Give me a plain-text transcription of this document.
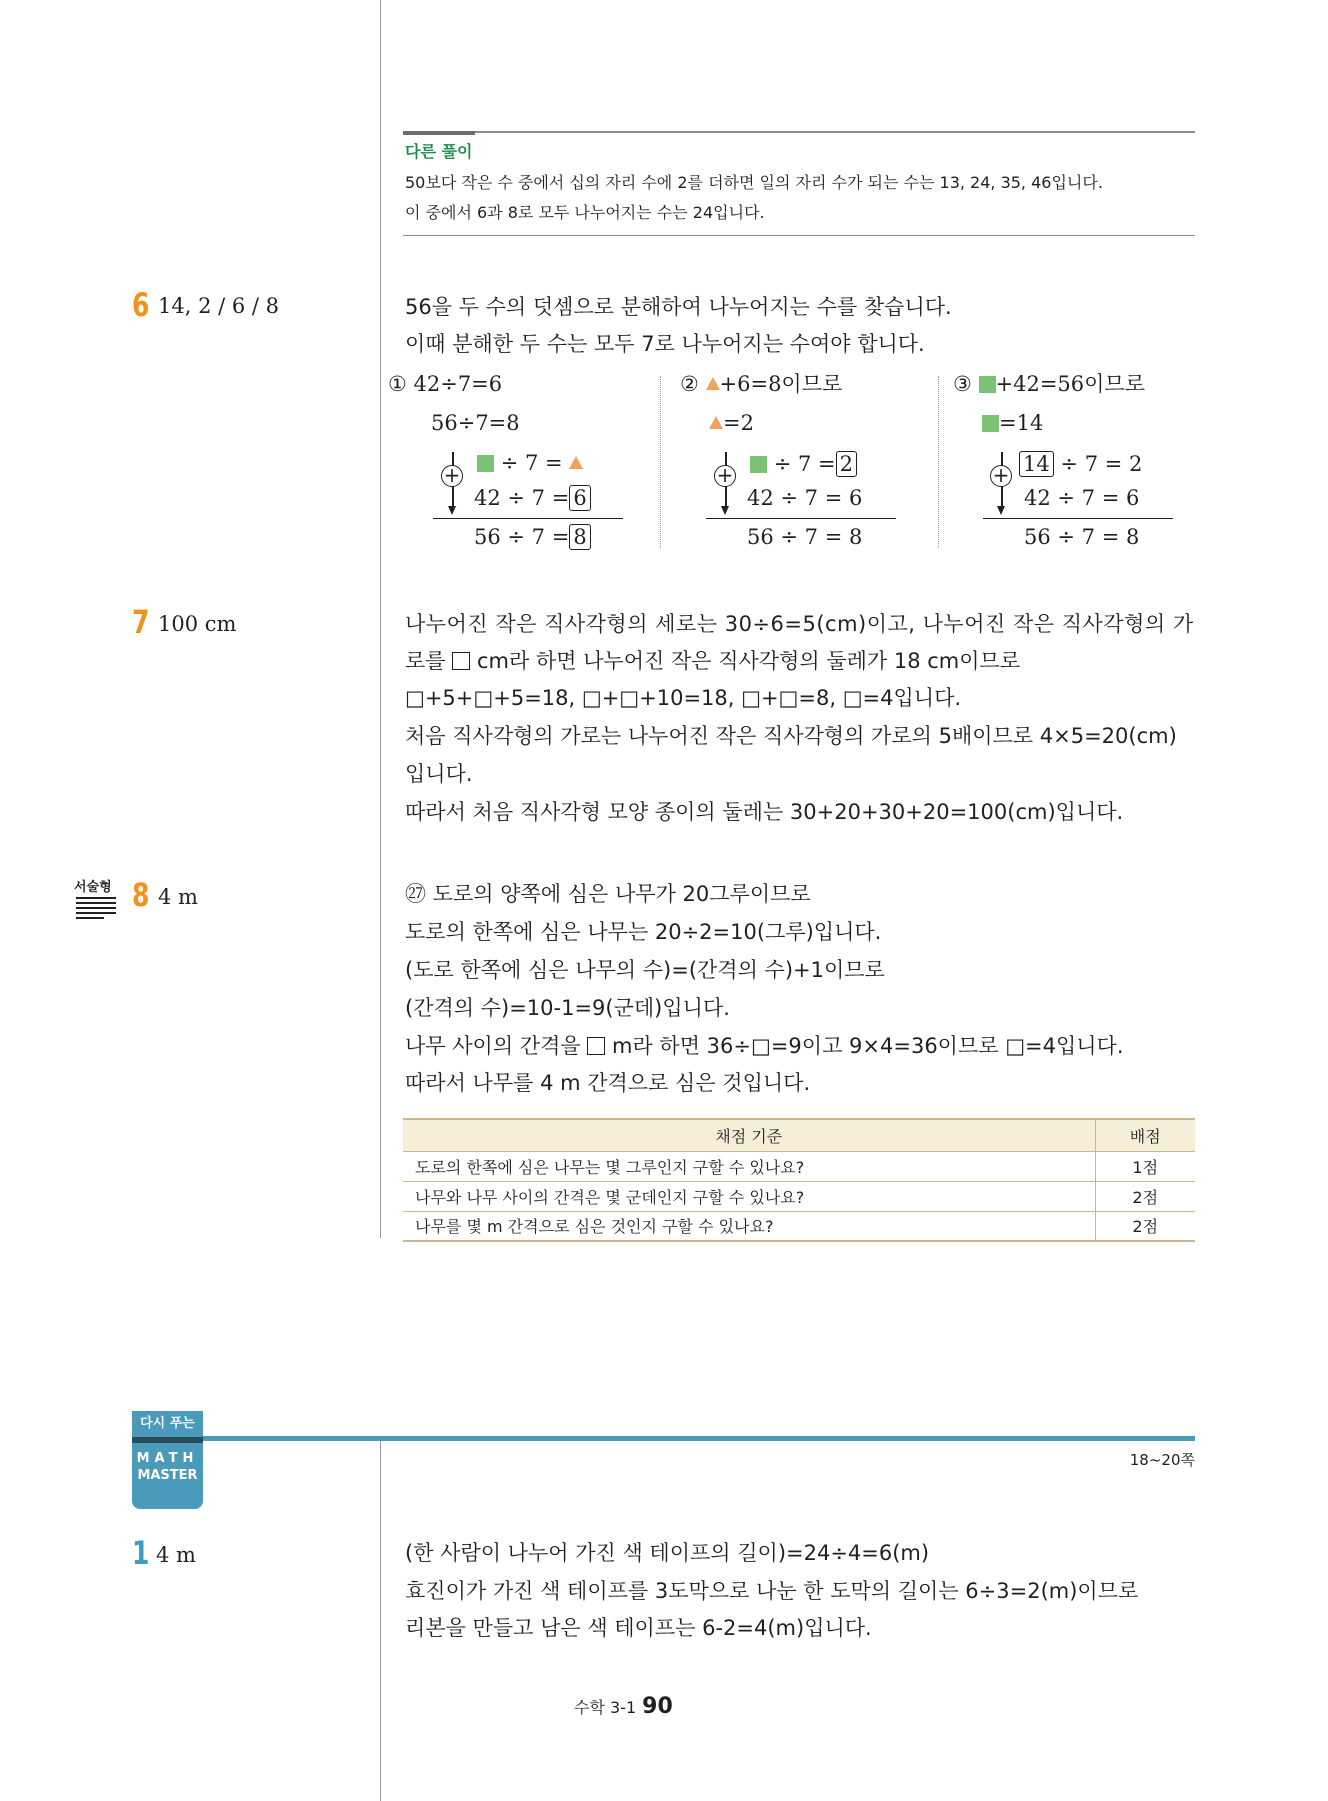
다른 풀이
50보다 작은 수 중에서 십의 자리 수에 2를 더하면 일의 자리 수가 되는 수는 13, 24, 35, 46입니다.
이 중에서 6과 8로 모두 나누어지는 수는 24입니다.
6 14, 2 / 6 / 8	56을 두 수의 덧셈으로 분해하여 나누어지는 수를 찾습니다.
이때 분해한 두 수는 모두 7로 나누어지는 수여야 합니다.
① 42÷7=6
56÷7=8
÷ 7 =
42 ÷ 7 = 6
56 ÷ 7 = 8
+
② +6=8이므로
=2
÷ 7 = 2
42 ÷ 7 = 6
56 ÷ 7 = 8
+
③ +42=56이므로
=14
14 ÷ 7 = 2
42 ÷ 7 = 6
56 ÷ 7 = 8
+
7 100 cm	나누어진 작은 직사각형의 세로는 30÷6=5(cm)이고, 나누어진 작은 직사각형의 가
로를 cm라 하면 나누어진 작은 직사각형의 둘레가 18 cm이므로
□+5+□+5=18, □+□+10=18, □+□=8, □=4입니다.
처음 직사각형의 가로는 나누어진 작은 직사각형의 가로의 5배이므로 4×5=20(cm)
입니다.
따라서 처음 직사각형 모양 종이의 둘레는 30+20+30+20=100(cm)입니다.
서술형 8 4 m	㉗ 도로의 양쪽에 심은 나무가 20그루이므로
도로의 한쪽에 심은 나무는 20÷2=10(그루)입니다.
(도로 한쪽에 심은 나무의 수)=(간격의 수)+1이므로
(간격의 수)=10-1=9(군데)입니다.
나무 사이의 간격을 m라 하면 36÷□=9이고 9×4=36이므로 □=4입니다.
따라서 나무를 4 m 간격으로 심은 것입니다.
채점 기준	배점
도로의 한쪽에 심은 나무는 몇 그루인지 구할 수 있나요?	1점
나무와 나무 사이의 간격은 몇 군데인지 구할 수 있나요?	2점
나무를 몇 m 간격으로 심은 것인지 구할 수 있나요?	2점
다시 푸는
MATH
MASTER
18~20쪽
1 4 m	(한 사람이 나누어 가진 색 테이프의 길이)=24÷4=6(m)
효진이가 가진 색 테이프를 3도막으로 나눈 한 도막의 길이는 6÷3=2(m)이므로
리본을 만들고 남은 색 테이프는 6-2=4(m)입니다.
수학 3-1 90
